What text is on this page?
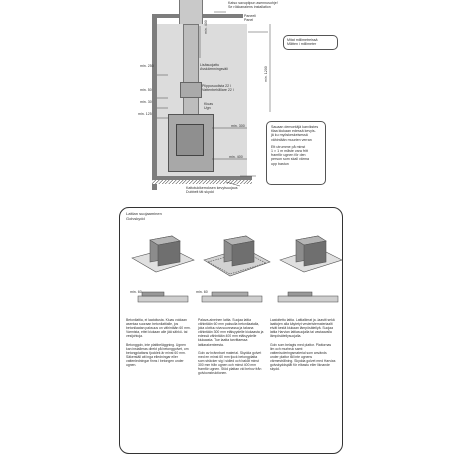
min. 400
min. 1200
min. 250
min. 50
min. 30
min. 125
min. 300
min. 400
Katso savupiipun asennusohje!
Se rökkanalens installation
Paneeli
Panel
Lisäsuojattu
Avskärmningsväli
Piippusuolista 22 l
Vattenbehållare 22 l
Kiuas
Ugn
Kattotukikerroksen kevytsuojaus
Dubbelt tät skydd
Mitat millimetreissä
Måtten i millimeter
Sauaan demontäjä karvikstes
tilaa kiukaan edessä kevyis-
jä ku myöskeskeisessä
vähintään muurien verran
Ett utrumme på minst
1 × 1 m måste vara fritt
framför ugnen för den
person som skall värma
upp bastun
Lattian suojaaminen
Golvskydd
min. 60	min. 60
Betonilattia, ei laatoitusta. Kiuas voidaan asentaa suoraan betonilattialle, jos betonilaatan paksuus on vähintään 60 mm. Varmista, ettei kiukaan alle jää sähkö- tai vesijohtoja.

Betonggolv, inte plattbeläggning. Ugnen kan installeras direkt på betonggolvet, om betongplattans tjocklek är minst 60 mm. Säkerställ att inga elledningar eller vattenledningar finns i betongen under ugnen.
Palava-aineinen lattia. Suojaa lattia vähintään 60 mm paksulla betonilaatalla, joka ulottuu sivusuunnassa ja takana vähintään 300 mm etäisyydelle kiukaasta ja edessä vähintään 400 mm etäisyydelle kiukaasta. Tue laatta tarvittaessa lattiarakenteesta.

Golv av brännbart material. Skydda golvet med en minst 60 mm tjock betongplatta som sträcker sig i sidled och bakåt minst 300 mm från ugnen och minst 400 mm framför ugnen. Stöd plattan vid behov från golvkonstruktionen.
Laatoitettu lattia. Lattialiimat ja -laastit sekä laattojen alla käytetyt vesieristemateriaalit eivät kestä kiukaan lämpösäteilyä. Suojaa lattia Harvian lattiasuojalla tai vastaavalla lämpösäteilysuojalla.

Golv som belagts med plattor. Plattornas lim och murbruk samt vattenisoleringsmaterial som används under plattor tål inte ugnens värmestrålning. Skydda golvet med Harvias golvskyddsplåt för elbastu eller liknande skydd.
